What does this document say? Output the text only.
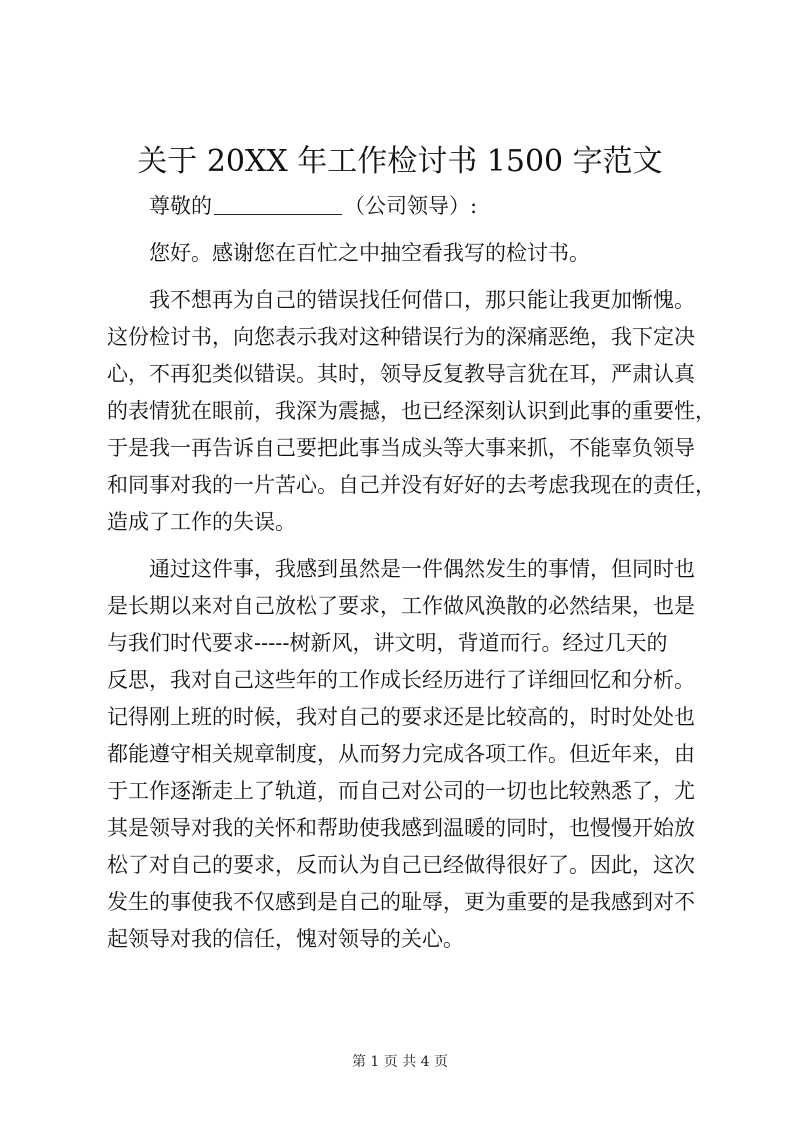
关于 20XX 年工作检讨书 1500 字范文
尊敬的	（公司领导）:
您好。感谢您在百忙之中抽空看我写的检讨书。
我不想再为自己的错误找任何借口，那只能让我更加惭愧。
这份检讨书，向您表示我对这种错误行为的深痛恶绝，我下定决
心，不再犯类似错误。其时，领导反复教导言犹在耳，严肃认真
的表情犹在眼前，我深为震撼，也已经深刻认识到此事的重要性，
于是我一再告诉自己要把此事当成头等大事来抓，不能辜负领导
和同事对我的一片苦心。自己并没有好好的去考虑我现在的责任，
造成了工作的失误。
通过这件事，我感到虽然是一件偶然发生的事情，但同时也
是长期以来对自己放松了要求，工作做风涣散的必然结果，也是
与我们时代要求-----树新风，讲文明，背道而行。经过几天的
反思，我对自己这些年的工作成长经历进行了详细回忆和分析。
记得刚上班的时候，我对自己的要求还是比较高的，时时处处也
都能遵守相关规章制度，从而努力完成各项工作。但近年来，由
于工作逐渐走上了轨道，而自己对公司的一切也比较熟悉了，尤
其是领导对我的关怀和帮助使我感到温暖的同时，也慢慢开始放
松了对自己的要求，反而认为自己已经做得很好了。因此，这次
发生的事使我不仅感到是自己的耻辱，更为重要的是我感到对不
起领导对我的信任，愧对领导的关心。
第 1 页 共 4 页
